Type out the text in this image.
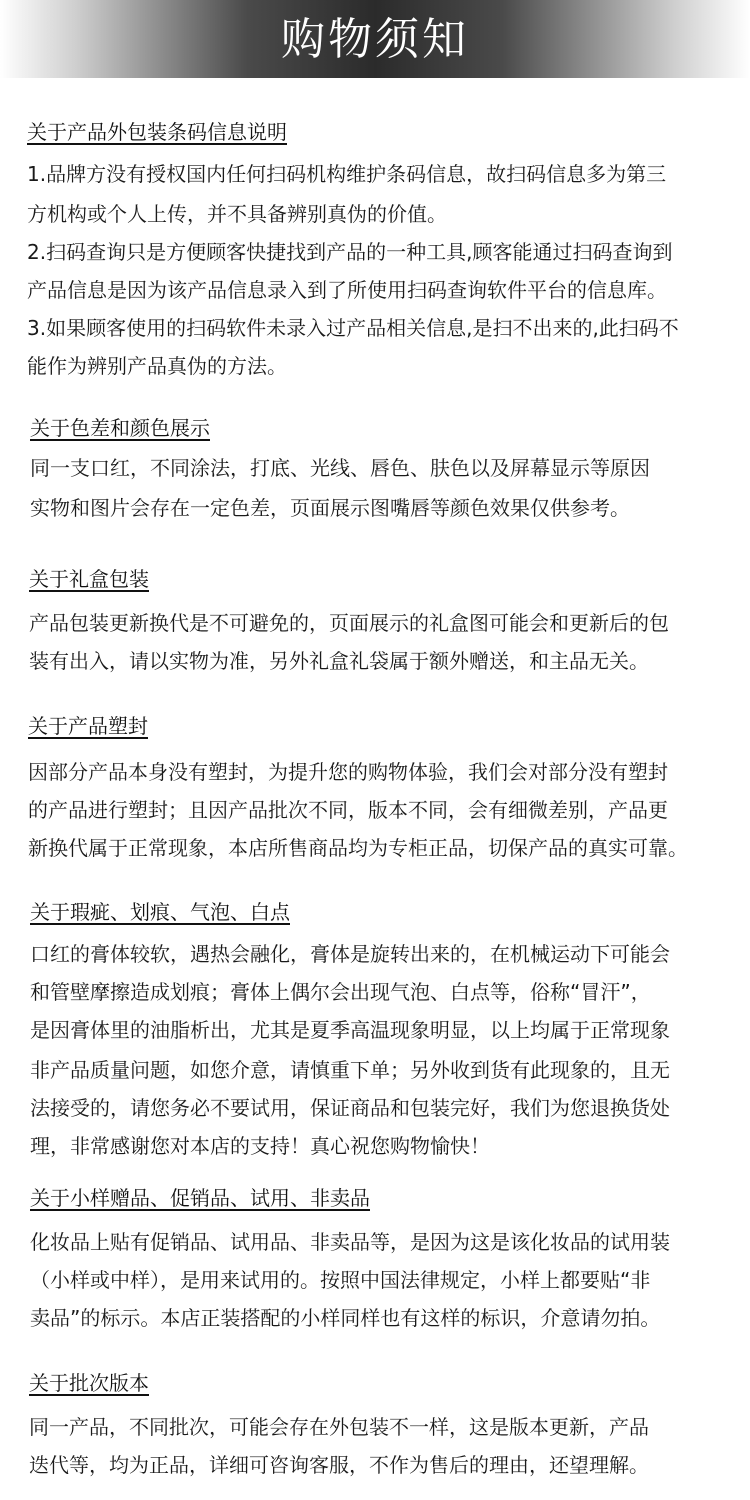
购物须知
关于产品外包装条码信息说明
1.品牌方没有授权国内任何扫码机构维护条码信息，故扫码信息多为第三
方机构或个人上传，并不具备辨别真伪的价值。
2.扫码查询只是方便顾客快捷找到产品的一种工具,顾客能通过扫码查询到
产品信息是因为该产品信息录入到了所使用扫码查询软件平台的信息库。
3.如果顾客使用的扫码软件未录入过产品相关信息,是扫不出来的,此扫码不
能作为辨别产品真伪的方法。
关于色差和颜色展示
同一支口红，不同涂法，打底、光线、唇色、肤色以及屏幕显示等原因
实物和图片会存在一定色差，页面展示图嘴唇等颜色效果仅供参考。
关于礼盒包装
产品包装更新换代是不可避免的，页面展示的礼盒图可能会和更新后的包
装有出入，请以实物为准，另外礼盒礼袋属于额外赠送，和主品无关。
关于产品塑封
因部分产品本身没有塑封，为提升您的购物体验，我们会对部分没有塑封
的产品进行塑封；且因产品批次不同，版本不同，会有细微差别，产品更
新换代属于正常现象，本店所售商品均为专柜正品，切保产品的真实可靠。
关于瑕疵、划痕、气泡、白点
口红的膏体较软，遇热会融化，膏体是旋转出来的，在机械运动下可能会
和管壁摩擦造成划痕；膏体上偶尔会出现气泡、白点等，俗称“冒汗”，
是因膏体里的油脂析出，尤其是夏季高温现象明显，以上均属于正常现象
非产品质量问题，如您介意，请慎重下单；另外收到货有此现象的，且无
法接受的，请您务必不要试用，保证商品和包装完好，我们为您退换货处
理，非常感谢您对本店的支持！真心祝您购物愉快！
关于小样赠品、促销品、试用、非卖品
化妆品上贴有促销品、试用品、非卖品等，是因为这是该化妆品的试用装
（小样或中样），是用来试用的。按照中国法律规定，小样上都要贴“非
卖品”的标示。本店正装搭配的小样同样也有这样的标识，介意请勿拍。
关于批次版本
同一产品，不同批次，可能会存在外包装不一样，这是版本更新，产品
迭代等，均为正品，详细可咨询客服，不作为售后的理由，还望理解。
